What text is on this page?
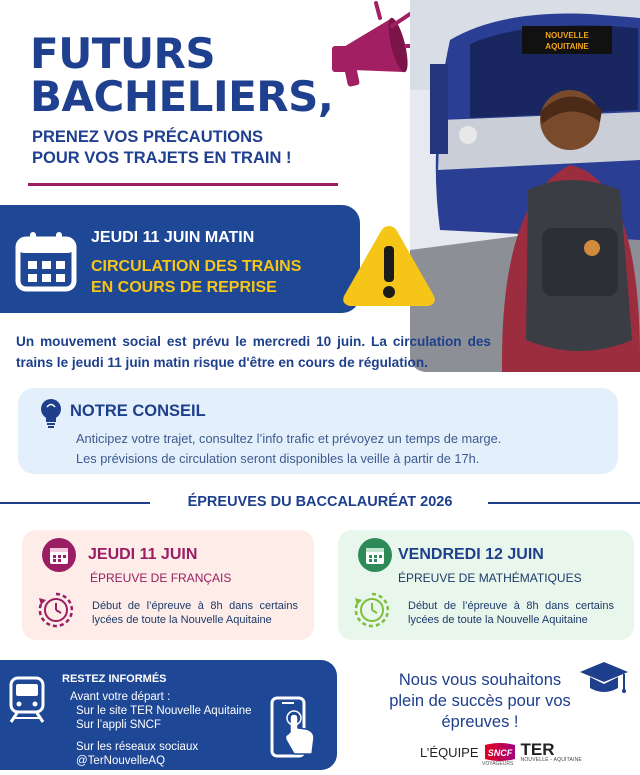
FUTURS
BACHELIERS,
PRENEZ VOS PRÉCAUTIONS
POUR VOS TRAJETS EN TRAIN !
NOUVELLE
AQUITAINE
JEUDI 11 JUIN MATIN
CIRCULATION DES TRAINS
EN COURS DE REPRISE
Un mouvement social est prévu le mercredi 10 juin. La circulation des trains le jeudi 11 juin matin risque d'être en cours de régulation.
NOTRE CONSEIL
Anticipez votre trajet, consultez l’info trafic et prévoyez un temps de marge.
Les prévisions de circulation seront disponibles la veille à partir de 17h.
ÉPREUVES DU BACCALAURÉAT 2026
JEUDI 11 JUIN
ÉPREUVE DE FRANÇAIS
Début de l’épreuve à 8h dans certains lycées de toute la Nouvelle Aquitaine
VENDREDI 12 JUIN
ÉPREUVE DE MATHÉMATIQUES
Début de l’épreuve à 8h dans certains lycées de toute la Nouvelle Aquitaine
RESTEZ INFORMÉS
Avant votre départ :
Sur le site TER Nouvelle Aquitaine
Sur l’appli SNCF
Sur les réseaux sociaux
@TerNouvelleAQ
Nous vous souhaitons
plein de succès pour vos
épreuves !
L’ÉQUIPE SNCF TER
NOUVELLE - AQUITAINE
VOYAGEURS
